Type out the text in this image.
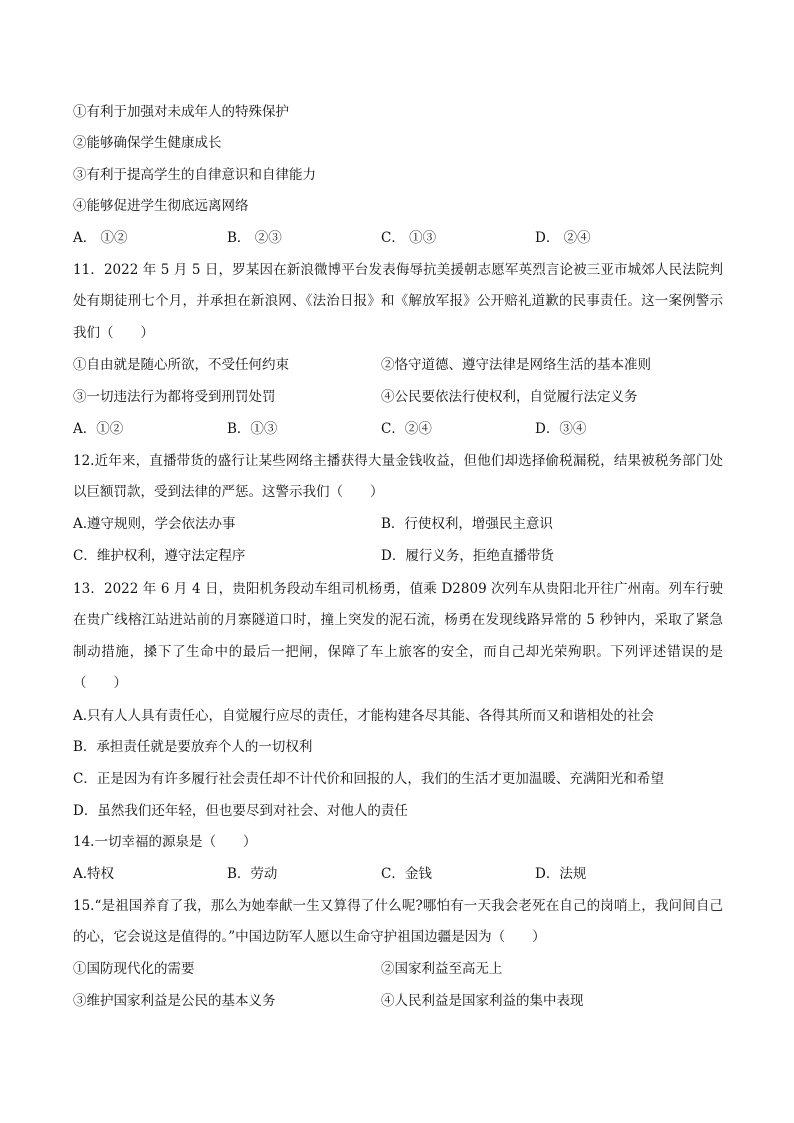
①有利于加强对未成年人的特殊保护
②能够确保学生健康成长
③有利于提高学生的自律意识和自律能力
④能够促进学生彻底远离网络
A． ①②	B． ②③	C． ①③	D． ②④
11．2022 年 5 月 5 日，罗某因在新浪微博平台发表侮辱抗美援朝志愿军英烈言论被三亚市城郊人民法院判处有期徒刑七个月，并承担在新浪网、《法治日报》和《解放军报》公开赔礼道歉的民事责任。这一案例警示我们（　　）
①自由就是随心所欲，不受任何约束	②恪守道德、遵守法律是网络生活的基本准则
③一切违法行为都将受到刑罚处罚	④公民要依法行使权利，自觉履行法定义务
A．①②	B．①③	C．②④	D．③④
12.近年来，直播带货的盛行让某些网络主播获得大量金钱收益，但他们却选择偷税漏税，结果被税务部门处以巨额罚款，受到法律的严惩。这警示我们（　　）
A.遵守规则，学会依法办事	B．行使权利，增强民主意识
C．维护权利，遵守法定程序	D．履行义务，拒绝直播带货
13．2022 年 6 月 4 日，贵阳机务段动车组司机杨勇，值乘 D2809 次列车从贵阳北开往广州南。列车行驶在贵广线榕江站进站前的月寨隧道口时，撞上突发的泥石流，杨勇在发现线路异常的 5 秒钟内，采取了紧急制动措施，搡下了生命中的最后一把闸，保障了车上旅客的安全，而自己却光荣殉职。下列评述错误的是（　　）
A.只有人人具有责任心，自觉履行应尽的责任，才能构建各尽其能、各得其所而又和谐相处的社会
B．承担责任就是要放弃个人的一切权利
C．正是因为有许多履行社会责任却不计代价和回报的人，我们的生活才更加温暖、充满阳光和希望
D．虽然我们还年轻，但也要尽到对社会、对他人的责任
14.一切幸福的源泉是（　　）
A.特权	B．劳动	C．金钱	D．法规
15.“是祖国养育了我，那么为她奉献一生又算得了什么呢?哪怕有一天我会老死在自己的岗哨上，我问间自己的心，它会说这是值得的。”中国边防军人愿以生命守护祖国边疆是因为（　　）
①国防现代化的需要	②国家利益至高无上
③维护国家利益是公民的基本义务	④人民利益是国家利益的集中表现
